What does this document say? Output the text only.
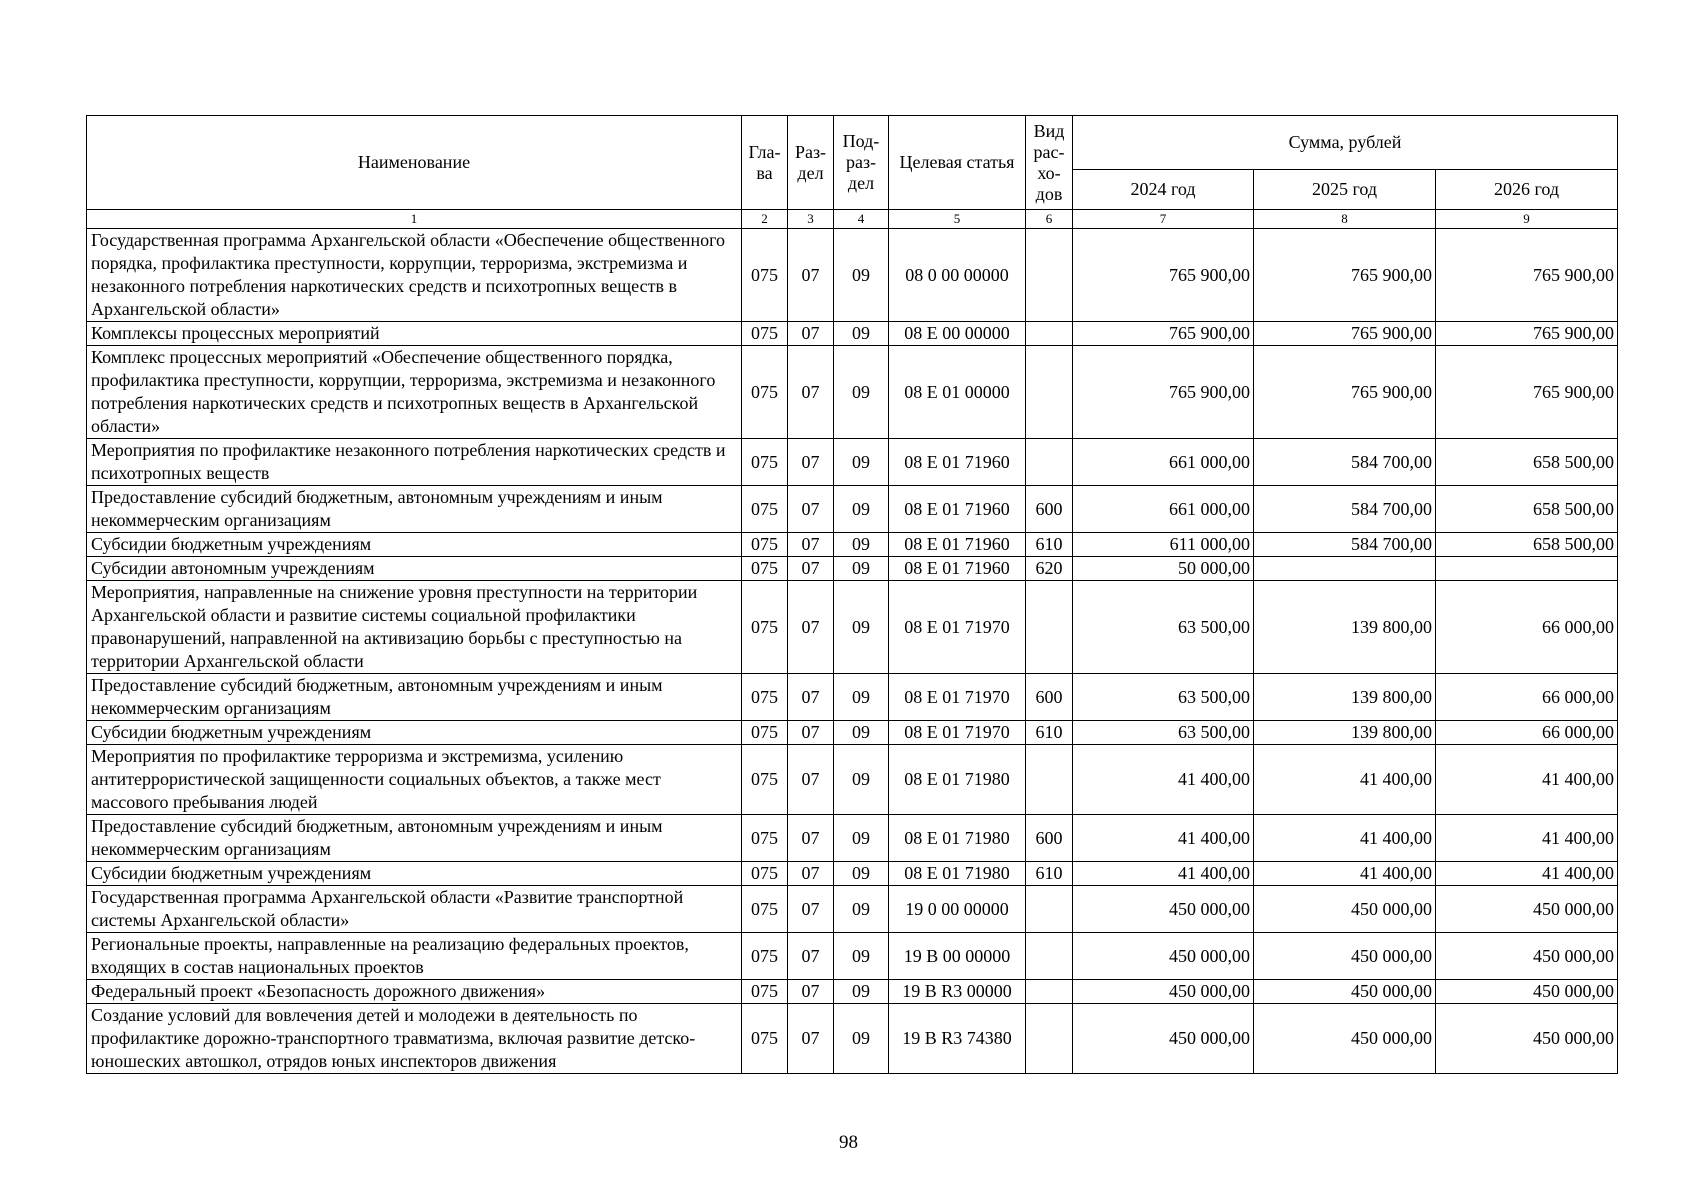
Наименование	Гла-ва	Раз-дел	Под-раз-дел	Целевая статья	Вид рас-хо-дов	Сумма, рублей		
						2024 год	2025 год	2026 год
1	2	3	4	5	6	7	8	9
Государственная программа Архангельской области «Обеспечение общественного порядка, профилактика преступности, коррупции, терроризма, экстремизма и незаконного потребления наркотических средств и психотропных веществ в Архангельской области»	075	07	09	08 0 00 00000		765 900,00	765 900,00	765 900,00
Комплексы процессных мероприятий	075	07	09	08 Е 00 00000		765 900,00	765 900,00	765 900,00
Комплекс процессных мероприятий «Обеспечение общественного порядка, профилактика преступности, коррупции, терроризма, экстремизма и незаконного потребления наркотических средств и психотропных веществ в Архангельской области»	075	07	09	08 Е 01 00000		765 900,00	765 900,00	765 900,00
Мероприятия по профилактике незаконного потребления наркотических средств и психотропных веществ	075	07	09	08 Е 01 71960		661 000,00	584 700,00	658 500,00
Предоставление субсидий бюджетным, автономным учреждениям и иным некоммерческим организациям	075	07	09	08 Е 01 71960	600	661 000,00	584 700,00	658 500,00
Субсидии бюджетным учреждениям	075	07	09	08 Е 01 71960	610	611 000,00	584 700,00	658 500,00
Субсидии автономным учреждениям	075	07	09	08 Е 01 71960	620	50 000,00		
Мероприятия, направленные на снижение уровня преступности на территории Архангельской области и развитие системы социальной профилактики правонарушений, направленной на активизацию борьбы с преступностью на территории Архангельской области	075	07	09	08 Е 01 71970		63 500,00	139 800,00	66 000,00
Предоставление субсидий бюджетным, автономным учреждениям и иным некоммерческим организациям	075	07	09	08 Е 01 71970	600	63 500,00	139 800,00	66 000,00
Субсидии бюджетным учреждениям	075	07	09	08 Е 01 71970	610	63 500,00	139 800,00	66 000,00
Мероприятия по профилактике терроризма и экстремизма, усилению антитеррористической защищенности социальных объектов, а также мест массового пребывания людей	075	07	09	08 Е 01 71980		41 400,00	41 400,00	41 400,00
Предоставление субсидий бюджетным, автономным учреждениям и иным некоммерческим организациям	075	07	09	08 Е 01 71980	600	41 400,00	41 400,00	41 400,00
Субсидии бюджетным учреждениям	075	07	09	08 Е 01 71980	610	41 400,00	41 400,00	41 400,00
Государственная программа Архангельской области «Развитие транспортной системы Архангельской области»	075	07	09	19 0 00 00000		450 000,00	450 000,00	450 000,00
Региональные проекты, направленные на реализацию федеральных проектов, входящих в состав национальных проектов	075	07	09	19 В 00 00000		450 000,00	450 000,00	450 000,00
Федеральный проект «Безопасность дорожного движения»	075	07	09	19 В R3 00000		450 000,00	450 000,00	450 000,00
Создание условий для вовлечения детей и молодежи в деятельность по профилактике дорожно-транспортного травматизма, включая развитие детско-юношеских автошкол, отрядов юных инспекторов движения	075	07	09	19 В R3 74380		450 000,00	450 000,00	450 000,00
98
